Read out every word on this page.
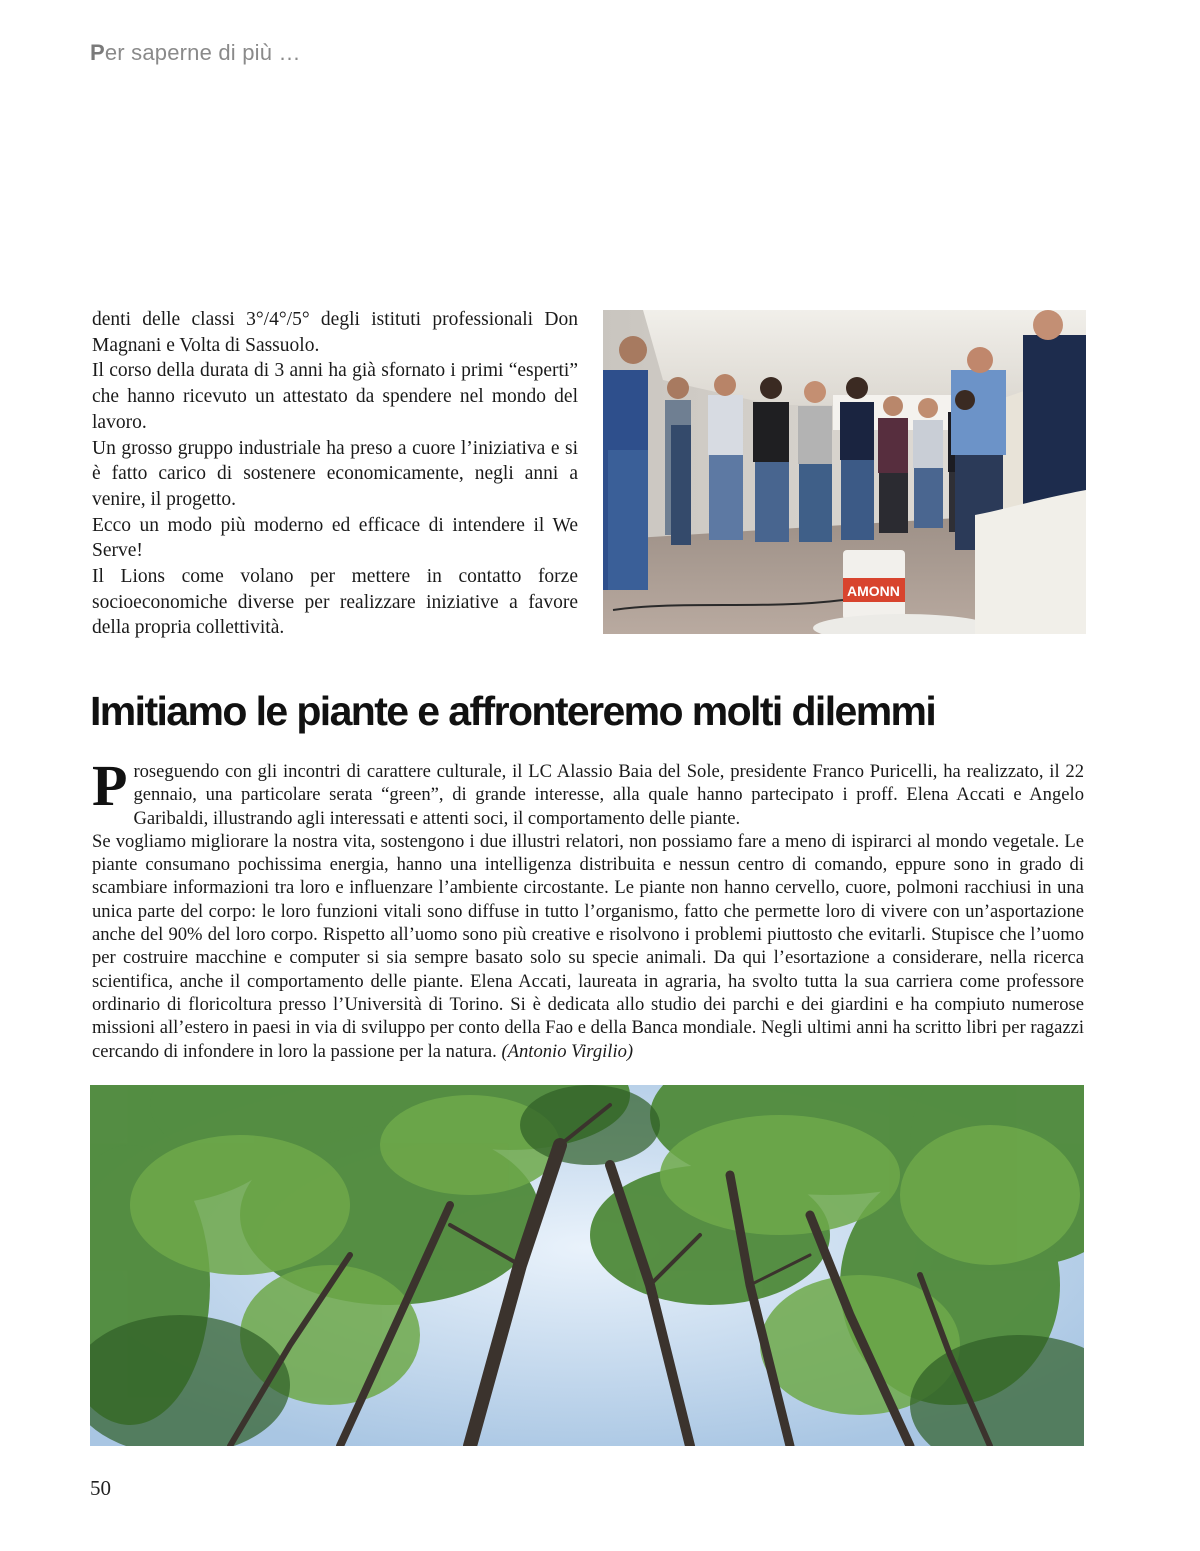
Per saperne di più …

denti delle classi 3°/4°/5° degli istituti professionali Don Magnani e Volta di Sassuolo.

Il corso della durata di 3 anni ha già sfornato i primi “esperti” che hanno ricevuto un attestato da spendere nel mondo del lavoro.

Un grosso gruppo industriale ha preso a cuore l’iniziativa e si è fatto carico di sostenere economicamente, negli anni a venire, il progetto.

Ecco un modo più moderno ed efficace di intendere il We Serve!

Il Lions come volano per mettere in contatto forze socioeconomiche diverse per realizzare iniziative a favore della propria collettività.

AMONN
Imitiamo le piante e affronteremo molti dilemmi

Proseguendo con gli incontri di carattere culturale, il LC Alassio Baia del Sole, presidente Franco Puricelli, ha realizzato, il 22 gennaio, una particolare serata “green”, di grande interesse, alla quale hanno partecipato i proff. Elena Accati e Angelo Garibaldi, illustrando agli interessati e attenti soci, il comportamento delle piante.

Se vogliamo migliorare la nostra vita, sostengono i due illustri relatori, non possiamo fare a meno di ispirarci al mondo vegetale. Le piante consumano pochissima energia, hanno una intelligenza distribuita e nessun centro di comando, eppure sono in grado di scambiare informazioni tra loro e influenzare l’ambiente circostante. Le piante non hanno cervello, cuore, polmoni racchiusi in una unica parte del corpo: le loro funzioni vitali sono diffuse in tutto l’organismo, fatto che permette loro di vivere con un’asportazione anche del 90% del loro corpo. Rispetto all’uomo sono più creative e risolvono i problemi piuttosto che evitarli. Stupisce che l’uomo per costruire macchine e computer si sia sempre basato solo su specie animali. Da qui l’esortazione a considerare, nella ricerca scientifica, anche il comportamento delle piante. Elena Accati, laureata in agraria, ha svolto tutta la sua carriera come professore ordinario di floricoltura presso l’Università di Torino. Si è dedicata allo studio dei parchi e dei giardini e ha compiuto numerose missioni all’estero in paesi in via di sviluppo per conto della Fao e della Banca mondiale. Negli ultimi anni ha scritto libri per ragazzi cercando di infondere in loro la passione per la natura. (Antonio Virgilio)

50
